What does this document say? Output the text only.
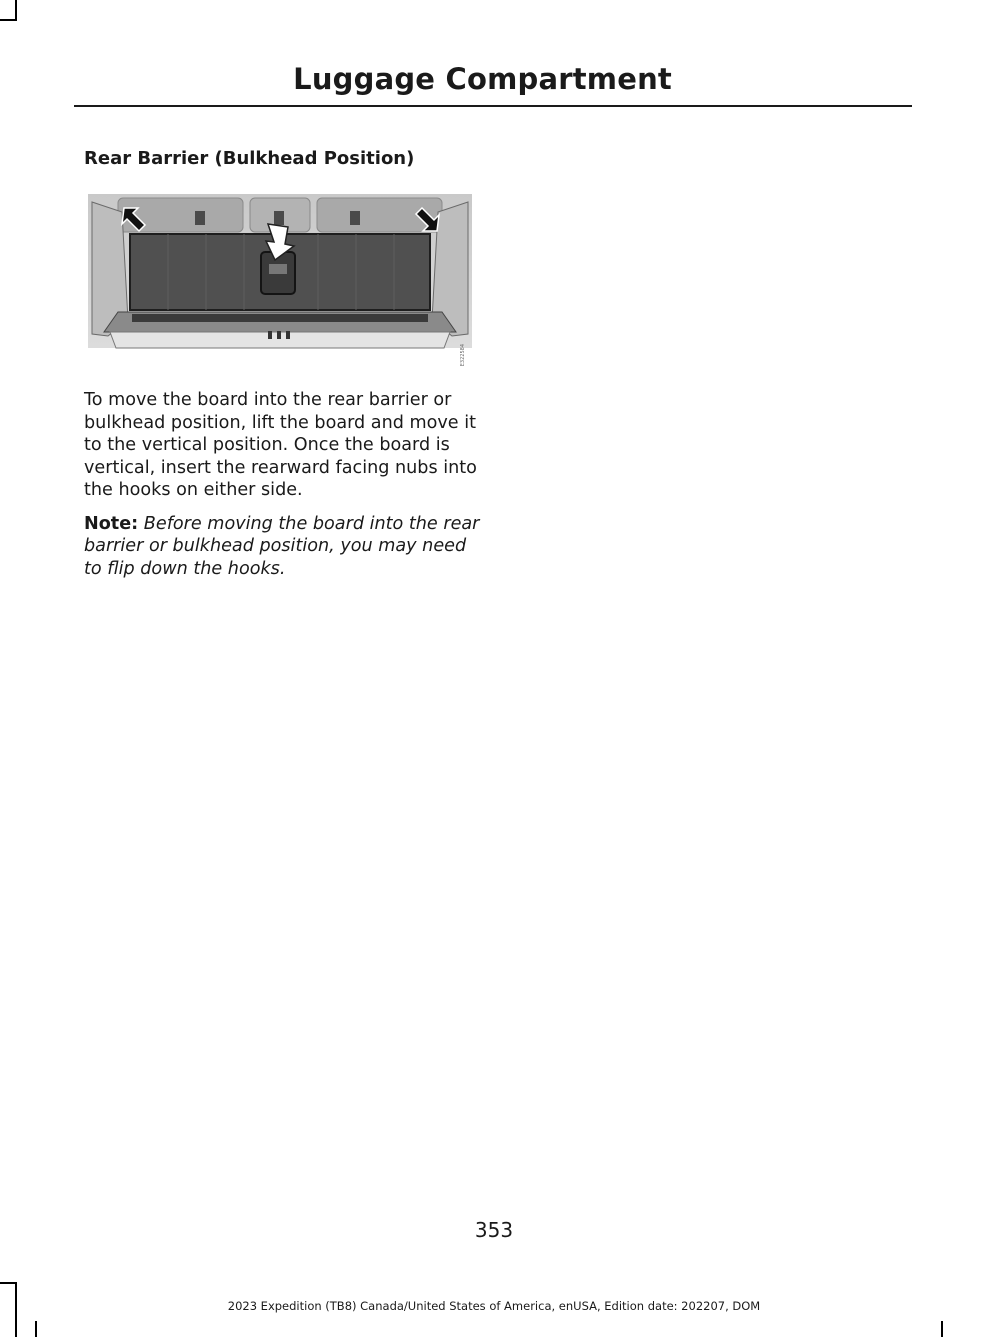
Luggage Compartment
Rear Barrier (Bulkhead Position)
E322584

To move the board into the rear barrier or bulkhead position, lift the board and move it to the vertical position. Once the board is vertical, insert the rearward facing nubs into the hooks on either side.

Note: Before moving the board into the rear barrier or bulkhead position, you may need to flip down the hooks.

353
2023 Expedition (TB8) Canada/United States of America, enUSA, Edition date: 202207, DOM
